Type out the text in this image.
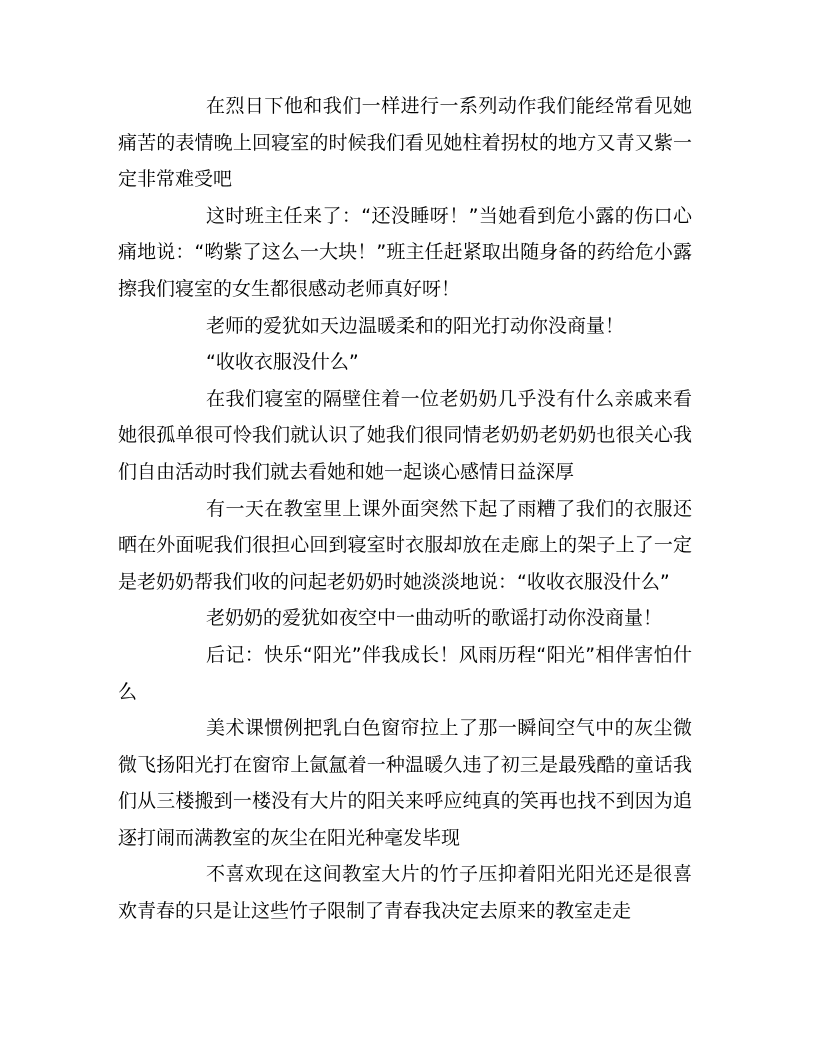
在烈日下他和我们一样进行一系列动作我们能经常看见她痛苦的表情晚上回寝室的时候我们看见她柱着拐杖的地方又青又紫一定非常难受吧

这时班主任来了：“还没睡呀！”当她看到危小露的伤口心痛地说：“哟紫了这么一大块！”班主任赶紧取出随身备的药给危小露擦我们寝室的女生都很感动老师真好呀！

老师的爱犹如天边温暖柔和的阳光打动你没商量！

“收收衣服没什么”

在我们寝室的隔壁住着一位老奶奶几乎没有什么亲戚来看她很孤单很可怜我们就认识了她我们很同情老奶奶老奶奶也很关心我们自由活动时我们就去看她和她一起谈心感情日益深厚

有一天在教室里上课外面突然下起了雨糟了我们的衣服还晒在外面呢我们很担心回到寝室时衣服却放在走廊上的架子上了一定是老奶奶帮我们收的问起老奶奶时她淡淡地说：“收收衣服没什么”

老奶奶的爱犹如夜空中一曲动听的歌谣打动你没商量！

后记：快乐“阳光”伴我成长！风雨历程“阳光”相伴害怕什么

美术课惯例把乳白色窗帘拉上了那一瞬间空气中的灰尘微微飞扬阳光打在窗帘上氤氲着一种温暖久违了初三是最残酷的童话我们从三楼搬到一楼没有大片的阳关来呼应纯真的笑再也找不到因为追逐打闹而满教室的灰尘在阳光种毫发毕现

不喜欢现在这间教室大片的竹子压抑着阳光阳光还是很喜欢青春的只是让这些竹子限制了青春我决定去原来的教室走走
